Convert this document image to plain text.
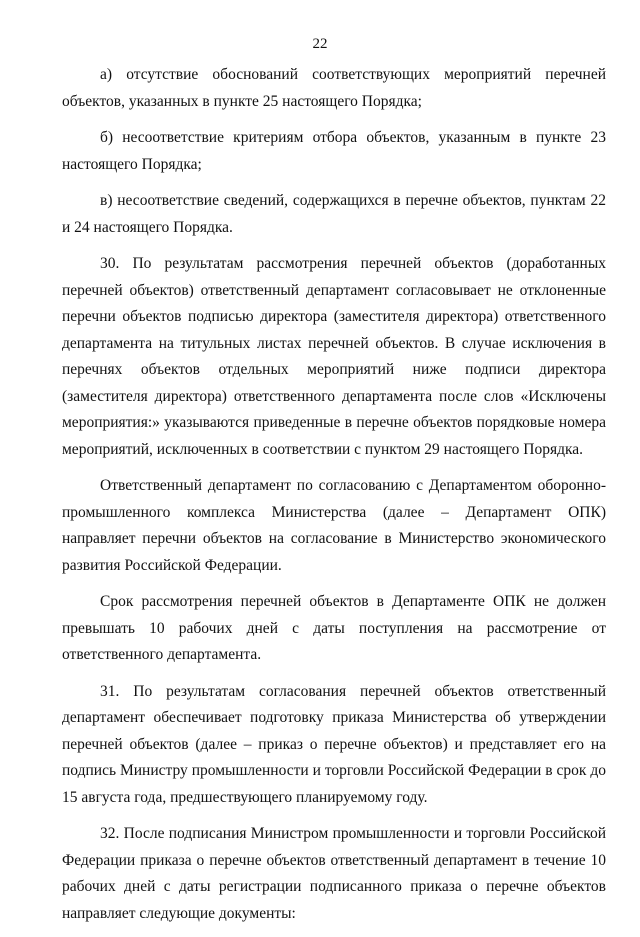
22

а) отсутствие обоснований соответствующих мероприятий перечней объектов, указанных в пункте 25 настоящего Порядка;

б) несоответствие критериям отбора объектов, указанным в пункте 23 настоящего Порядка;

в) несоответствие сведений, содержащихся в перечне объектов, пунктам 22 и 24 настоящего Порядка.

30. По результатам рассмотрения перечней объектов (доработанных перечней объектов) ответственный департамент согласовывает не отклоненные перечни объектов подписью директора (заместителя директора) ответственного департамента на титульных листах перечней объектов. В случае исключения в перечнях объектов отдельных мероприятий ниже подписи директора (заместителя директора) ответственного департамента после слов «Исключены мероприятия:» указываются приведенные в перечне объектов порядковые номера мероприятий, исключенных в соответствии с пунктом 29 настоящего Порядка.

Ответственный департамент по согласованию с Департаментом оборонно-промышленного комплекса Министерства (далее – Департамент ОПК) направляет перечни объектов на согласование в Министерство экономического развития Российской Федерации.

Срок рассмотрения перечней объектов в Департаменте ОПК не должен превышать 10 рабочих дней с даты поступления на рассмотрение от ответственного департамента.

31. По результатам согласования перечней объектов ответственный департамент обеспечивает подготовку приказа Министерства об утверждении перечней объектов (далее – приказ о перечне объектов) и представляет его на подпись Министру промышленности и торговли Российской Федерации в срок до 15 августа года, предшествующего планируемому году.

32. После подписания Министром промышленности и торговли Российской Федерации приказа о перечне объектов ответственный департамент в течение 10 рабочих дней с даты регистрации подписанного приказа о перечне объектов направляет следующие документы:
